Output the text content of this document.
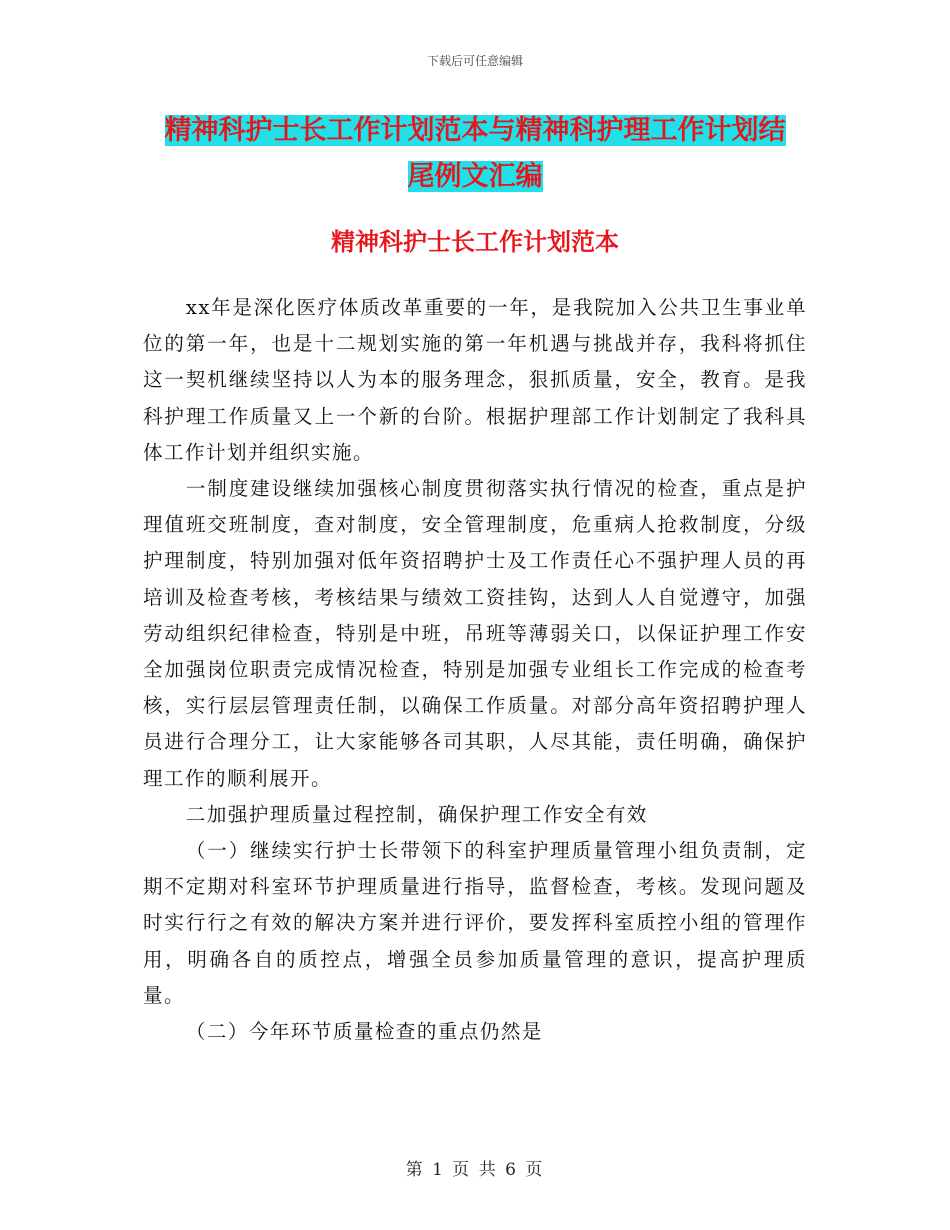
下载后可任意编辑
精神科护士长工作计划范本与精神科护理工作计划结
尾例文汇编
精神科护士长工作计划范本

xx年是深化医疗体质改革重要的一年，是我院加入公共卫生事业单位的第一年，也是十二规划实施的第一年机遇与挑战并存，我科将抓住这一契机继续坚持以人为本的服务理念，狠抓质量，安全，教育。是我科护理工作质量又上一个新的台阶。根据护理部工作计划制定了我科具体工作计划并组织实施。

一制度建设继续加强核心制度贯彻落实执行情况的检查，重点是护理值班交班制度，查对制度，安全管理制度，危重病人抢救制度，分级护理制度，特别加强对低年资招聘护士及工作责任心不强护理人员的再培训及检查考核，考核结果与绩效工资挂钩，达到人人自觉遵守，加强劳动组织纪律检查，特别是中班，吊班等薄弱关口，以保证护理工作安全加强岗位职责完成情况检查，特别是加强专业组长工作完成的检查考核，实行层层管理责任制，以确保工作质量。对部分高年资招聘护理人员进行合理分工，让大家能够各司其职，人尽其能，责任明确，确保护理工作的顺利展开。

二加强护理质量过程控制，确保护理工作安全有效

（一）继续实行护士长带领下的科室护理质量管理小组负责制，定期不定期对科室环节护理质量进行指导，监督检查，考核。发现问题及时实行行之有效的解决方案并进行评价，要发挥科室质控小组的管理作用，明确各自的质控点，增强全员参加质量管理的意识，提高护理质量。

（二）今年环节质量检查的重点仍然是

第 1 页 共 6 页
